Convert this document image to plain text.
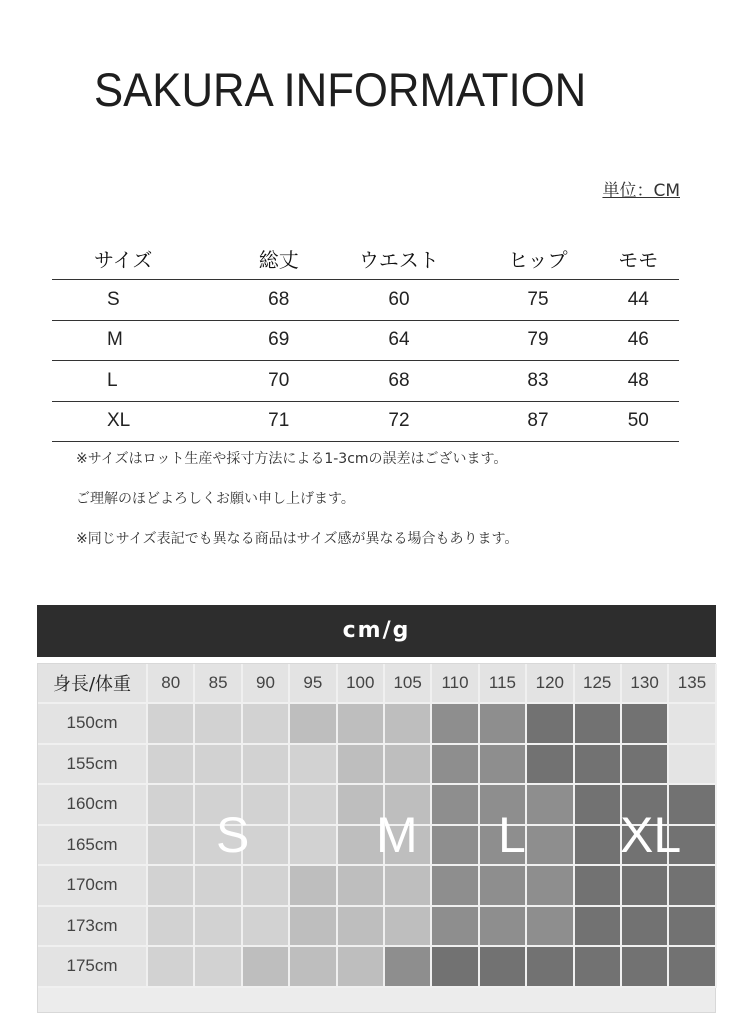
SAKURA INFORMATION
単位：CM
サイズ	総丈	ウエスト	ヒップ	モモ
S	68	60	75	44
M	69	64	79	46
L	70	68	83	48
XL	71	72	87	50
※サイズはロット生産や採寸方法による1-3cmの誤差はございます。
ご理解のほどよろしくお願い申し上げます。
※同じサイズ表記でも異なる商品はサイズ感が異なる場合もあります。
cm/g
身長/体重	80	85	90	95	100	105	110	115	120	125	130	135
150cm
155cm
160cm
165cm
170cm
173cm
175cm
S	M L XL
